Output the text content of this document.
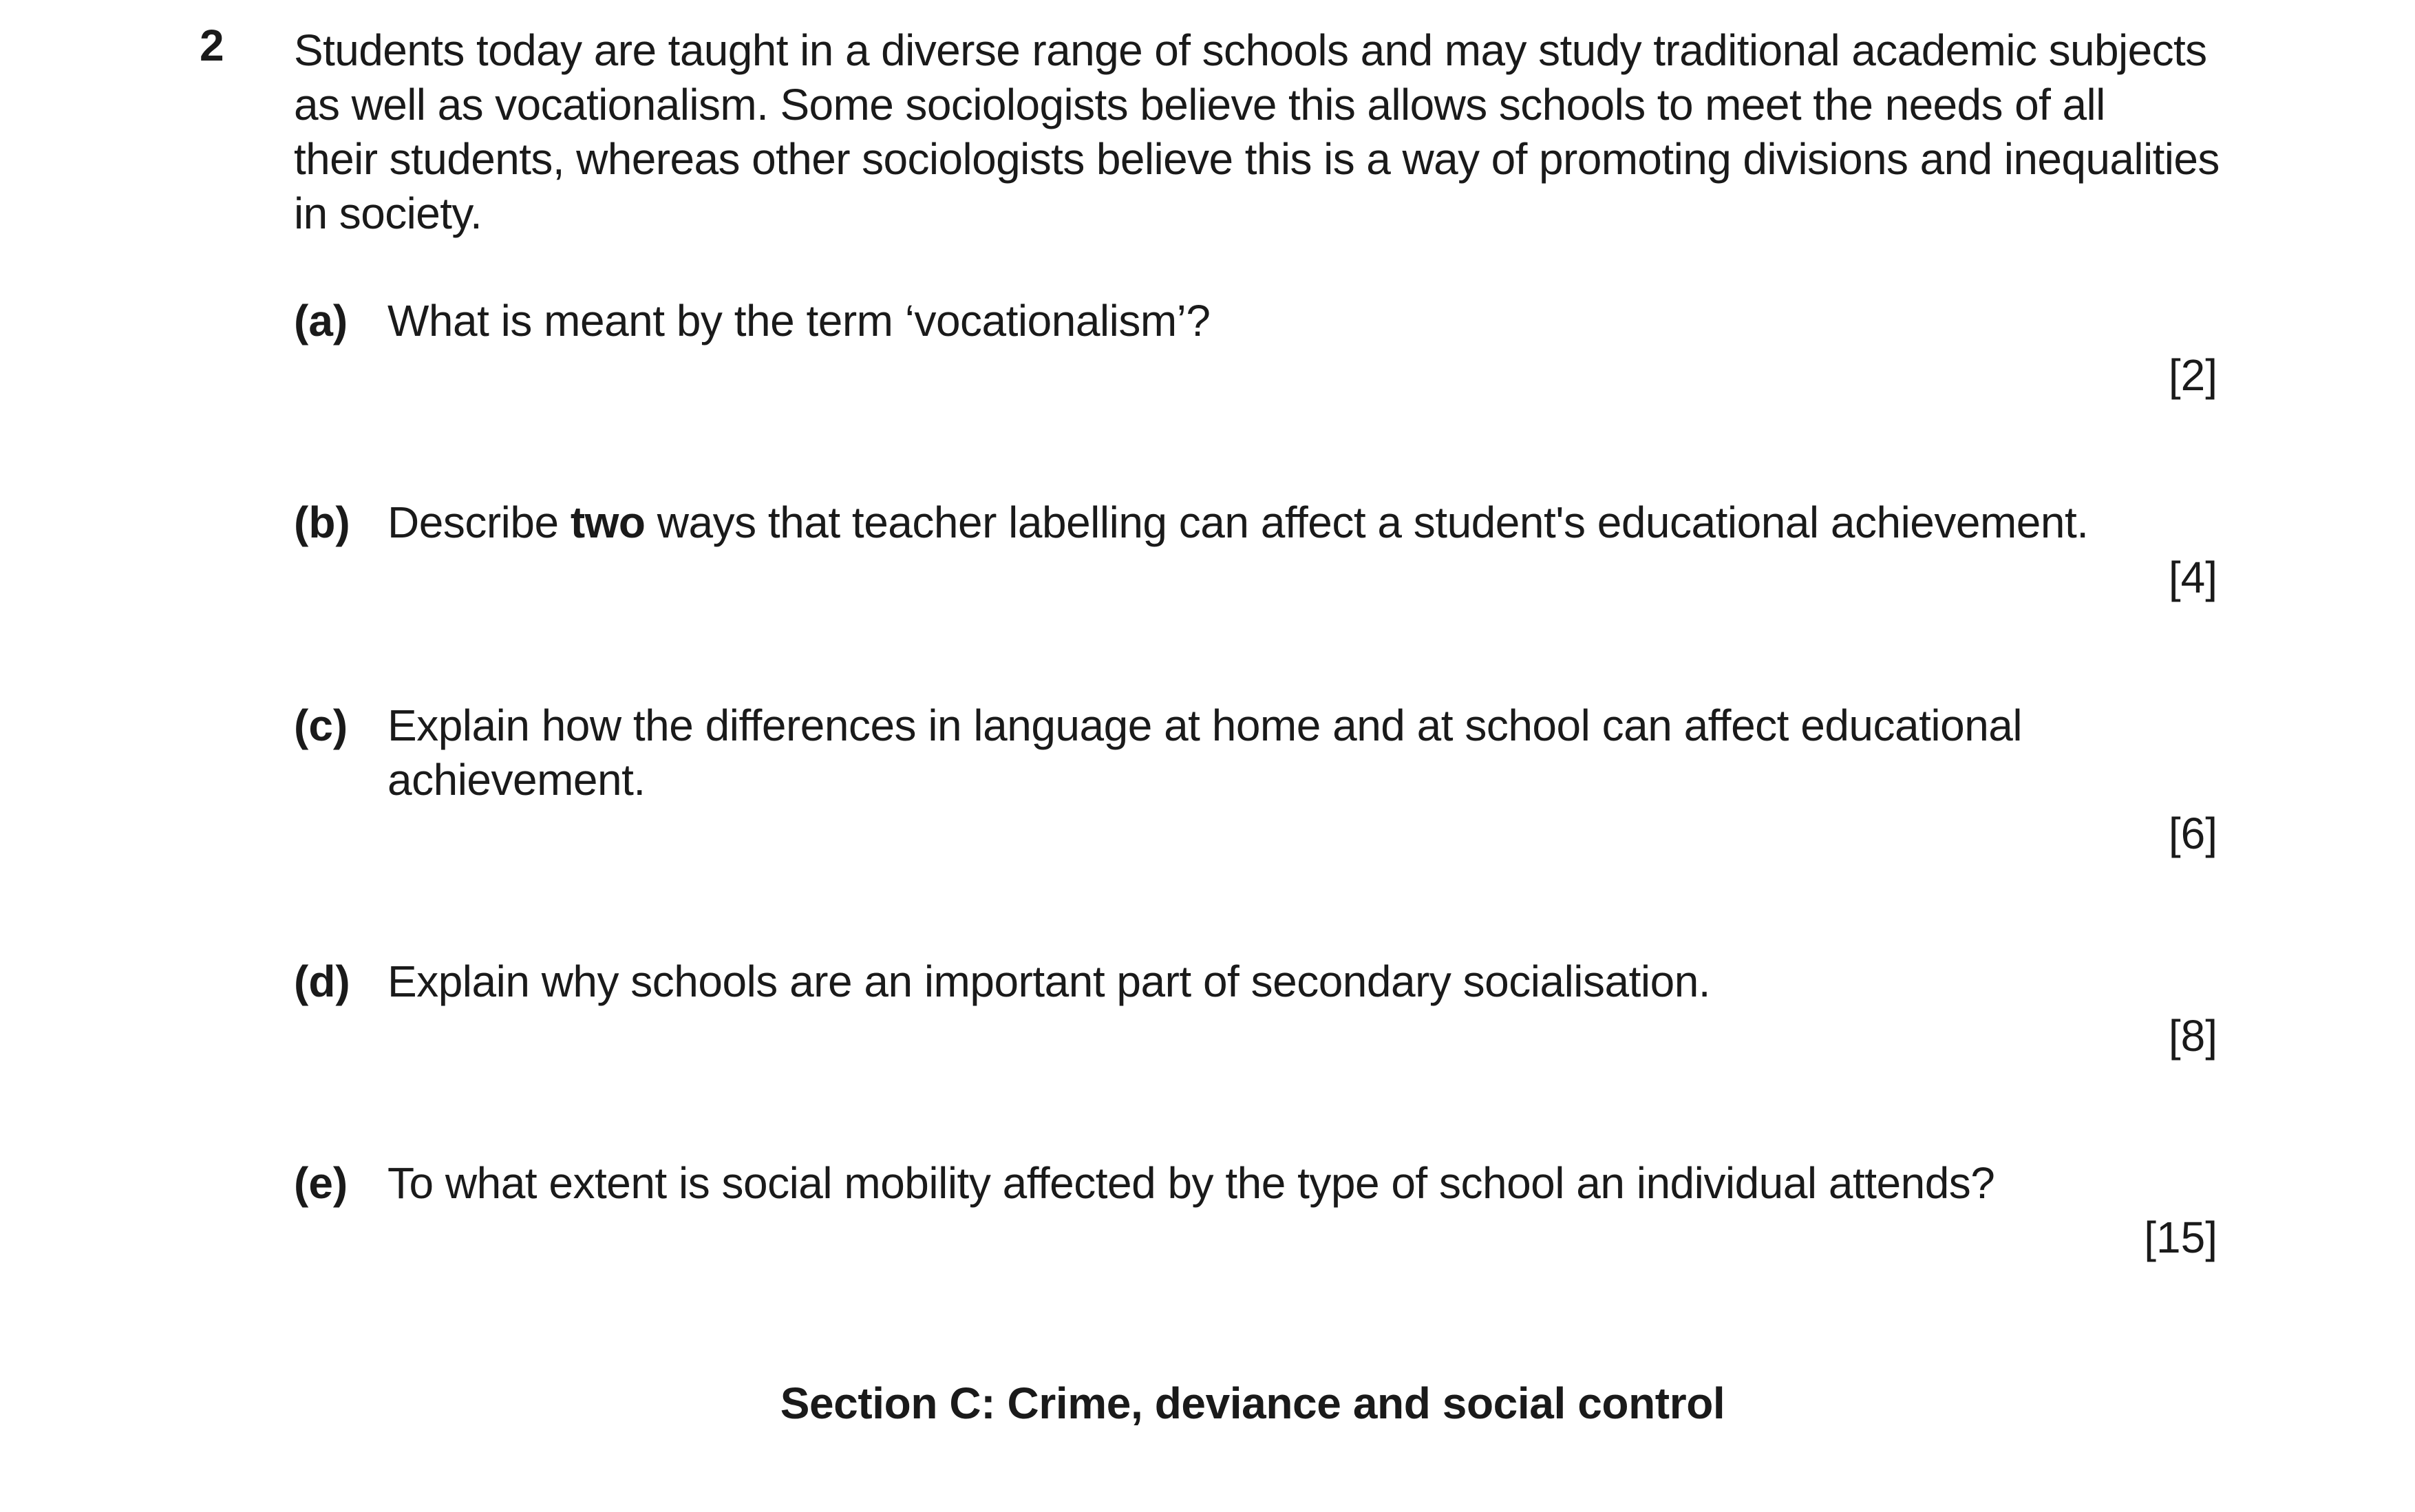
2 Students today are taught in a diverse range of schools and may study traditional academic subjects
as well as vocationalism. Some sociologists believe this allows schools to meet the needs of all
their students, whereas other sociologists believe this is a way of promoting divisions and inequalities
in society.

(a) What is meant by the term ‘vocationalism’?
[2]
(b) Describe two ways that teacher labelling can affect a student's educational achievement.
[4]
(c) Explain how the differences in language at home and at school can affect educational
achievement.
[6]
(d) Explain why schools are an important part of secondary socialisation.
[8]
(e) To what extent is social mobility affected by the type of school an individual attends?
[15]
Section C: Crime, deviance and social control
